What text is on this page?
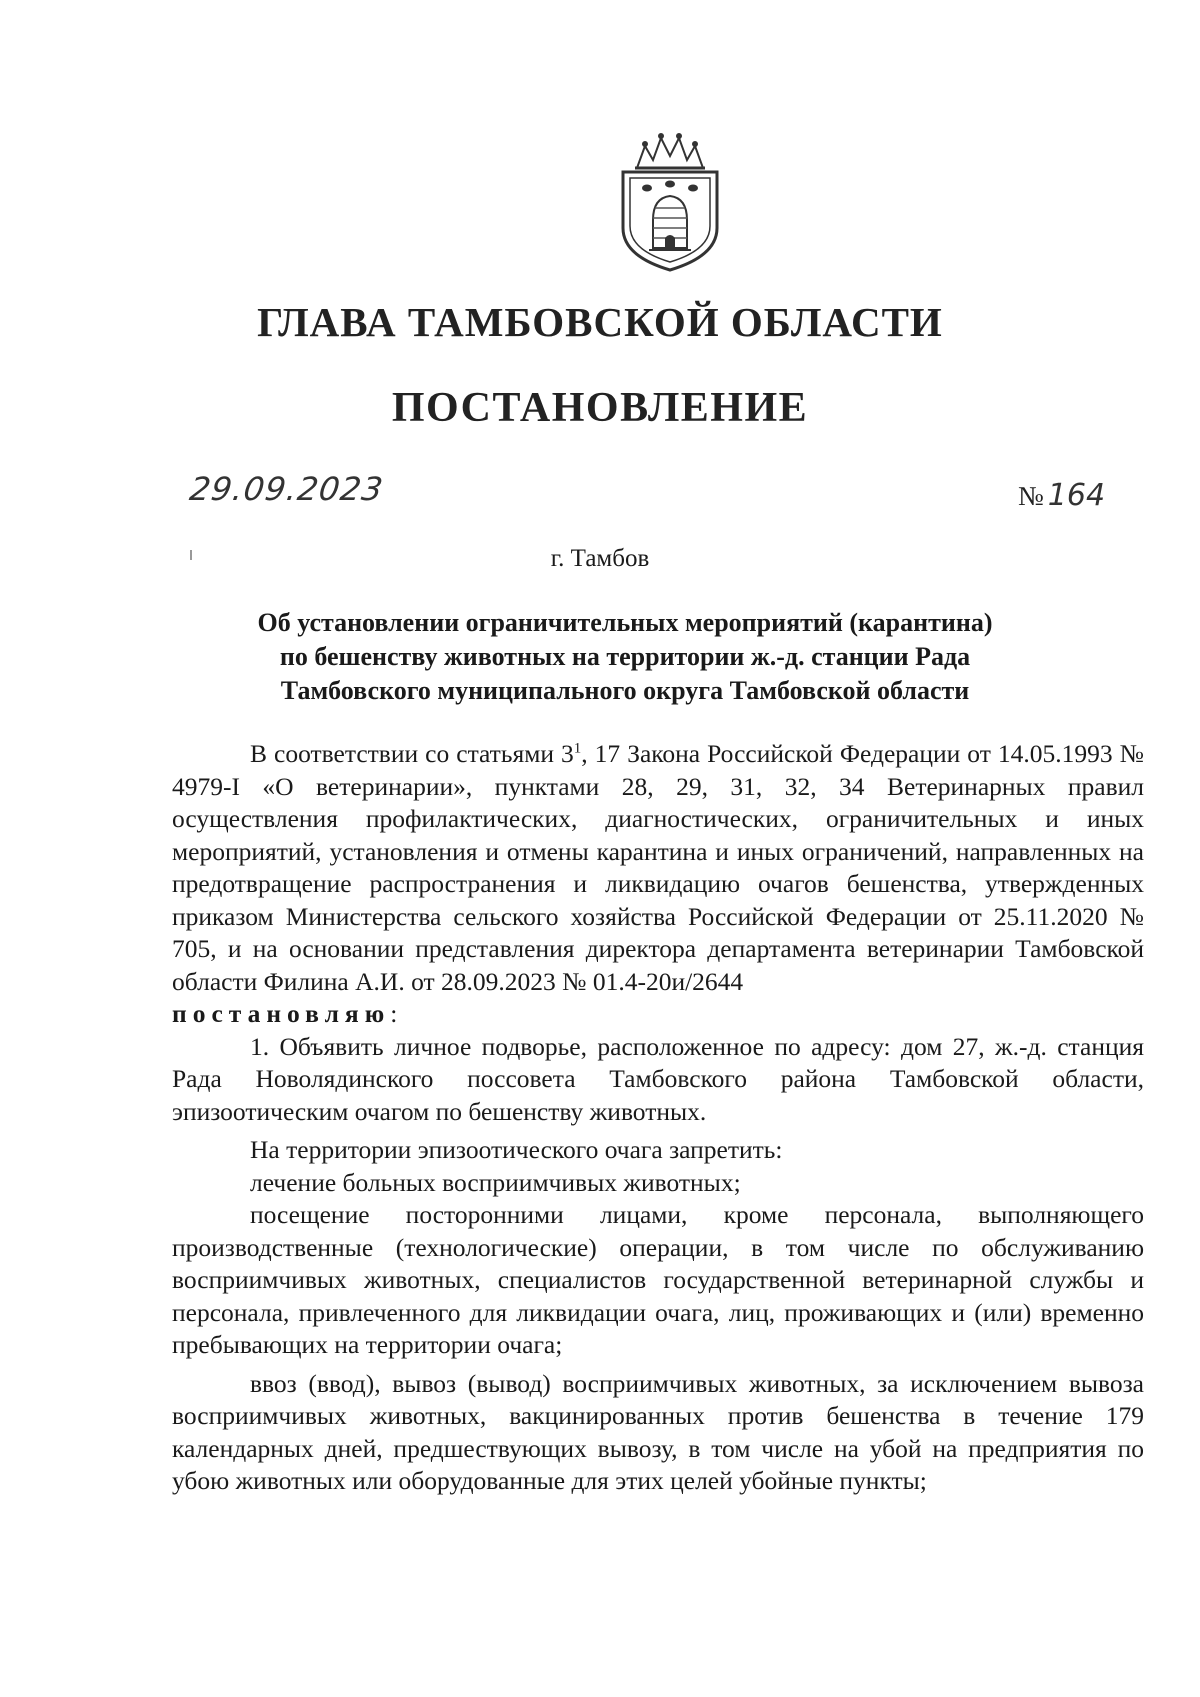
ГЛАВА ТАМБОВСКОЙ ОБЛАСТИ
ПОСТАНОВЛЕНИЕ
29.09.2023	№ 164
г. Тамбов
Об установлении ограничительных мероприятий (карантина)
по бешенству животных на территории ж.-д. станции Рада
Тамбовского муниципального округа Тамбовской области

В соответствии со статьями $3^1$, 17 Закона Российской Федерации от 14.05.1993 № 4979-I «О ветеринарии», пунктами 28, 29, 31, 32, 34 Ветеринарных правил осуществления профилактических, диагностических, ограничительных и иных мероприятий, установления и отмены карантина и иных ограничений, направленных на предотвращение распространения и ликвидацию очагов бешенства, утвержденных приказом Министерства сельского хозяйства Российской Федерации от 25.11.2020 № 705, и на основании представления директора департамента ветеринарии Тамбовской области Филина А.И. от 28.09.2023 № 01.4-20и/2644

постановляю:

1. Объявить личное подворье, расположенное по адресу: дом 27, ж.-д. станция Рада Новолядинского поссовета Тамбовского района Тамбовской области, эпизоотическим очагом по бешенству животных.

На территории эпизоотического очага запретить:

лечение больных восприимчивых животных;

посещение посторонними лицами, кроме персонала, выполняющего производственные (технологические) операции, в том числе по обслуживанию восприимчивых животных, специалистов государственной ветеринарной службы и персонала, привлеченного для ликвидации очага, лиц, проживающих и (или) временно пребывающих на территории очага;

ввоз (ввод), вывоз (вывод) восприимчивых животных, за исключением вывоза восприимчивых животных, вакцинированных против бешенства в течение 179 календарных дней, предшествующих вывозу, в том числе на убой на предприятия по убою животных или оборудованные для этих целей убойные пункты;
